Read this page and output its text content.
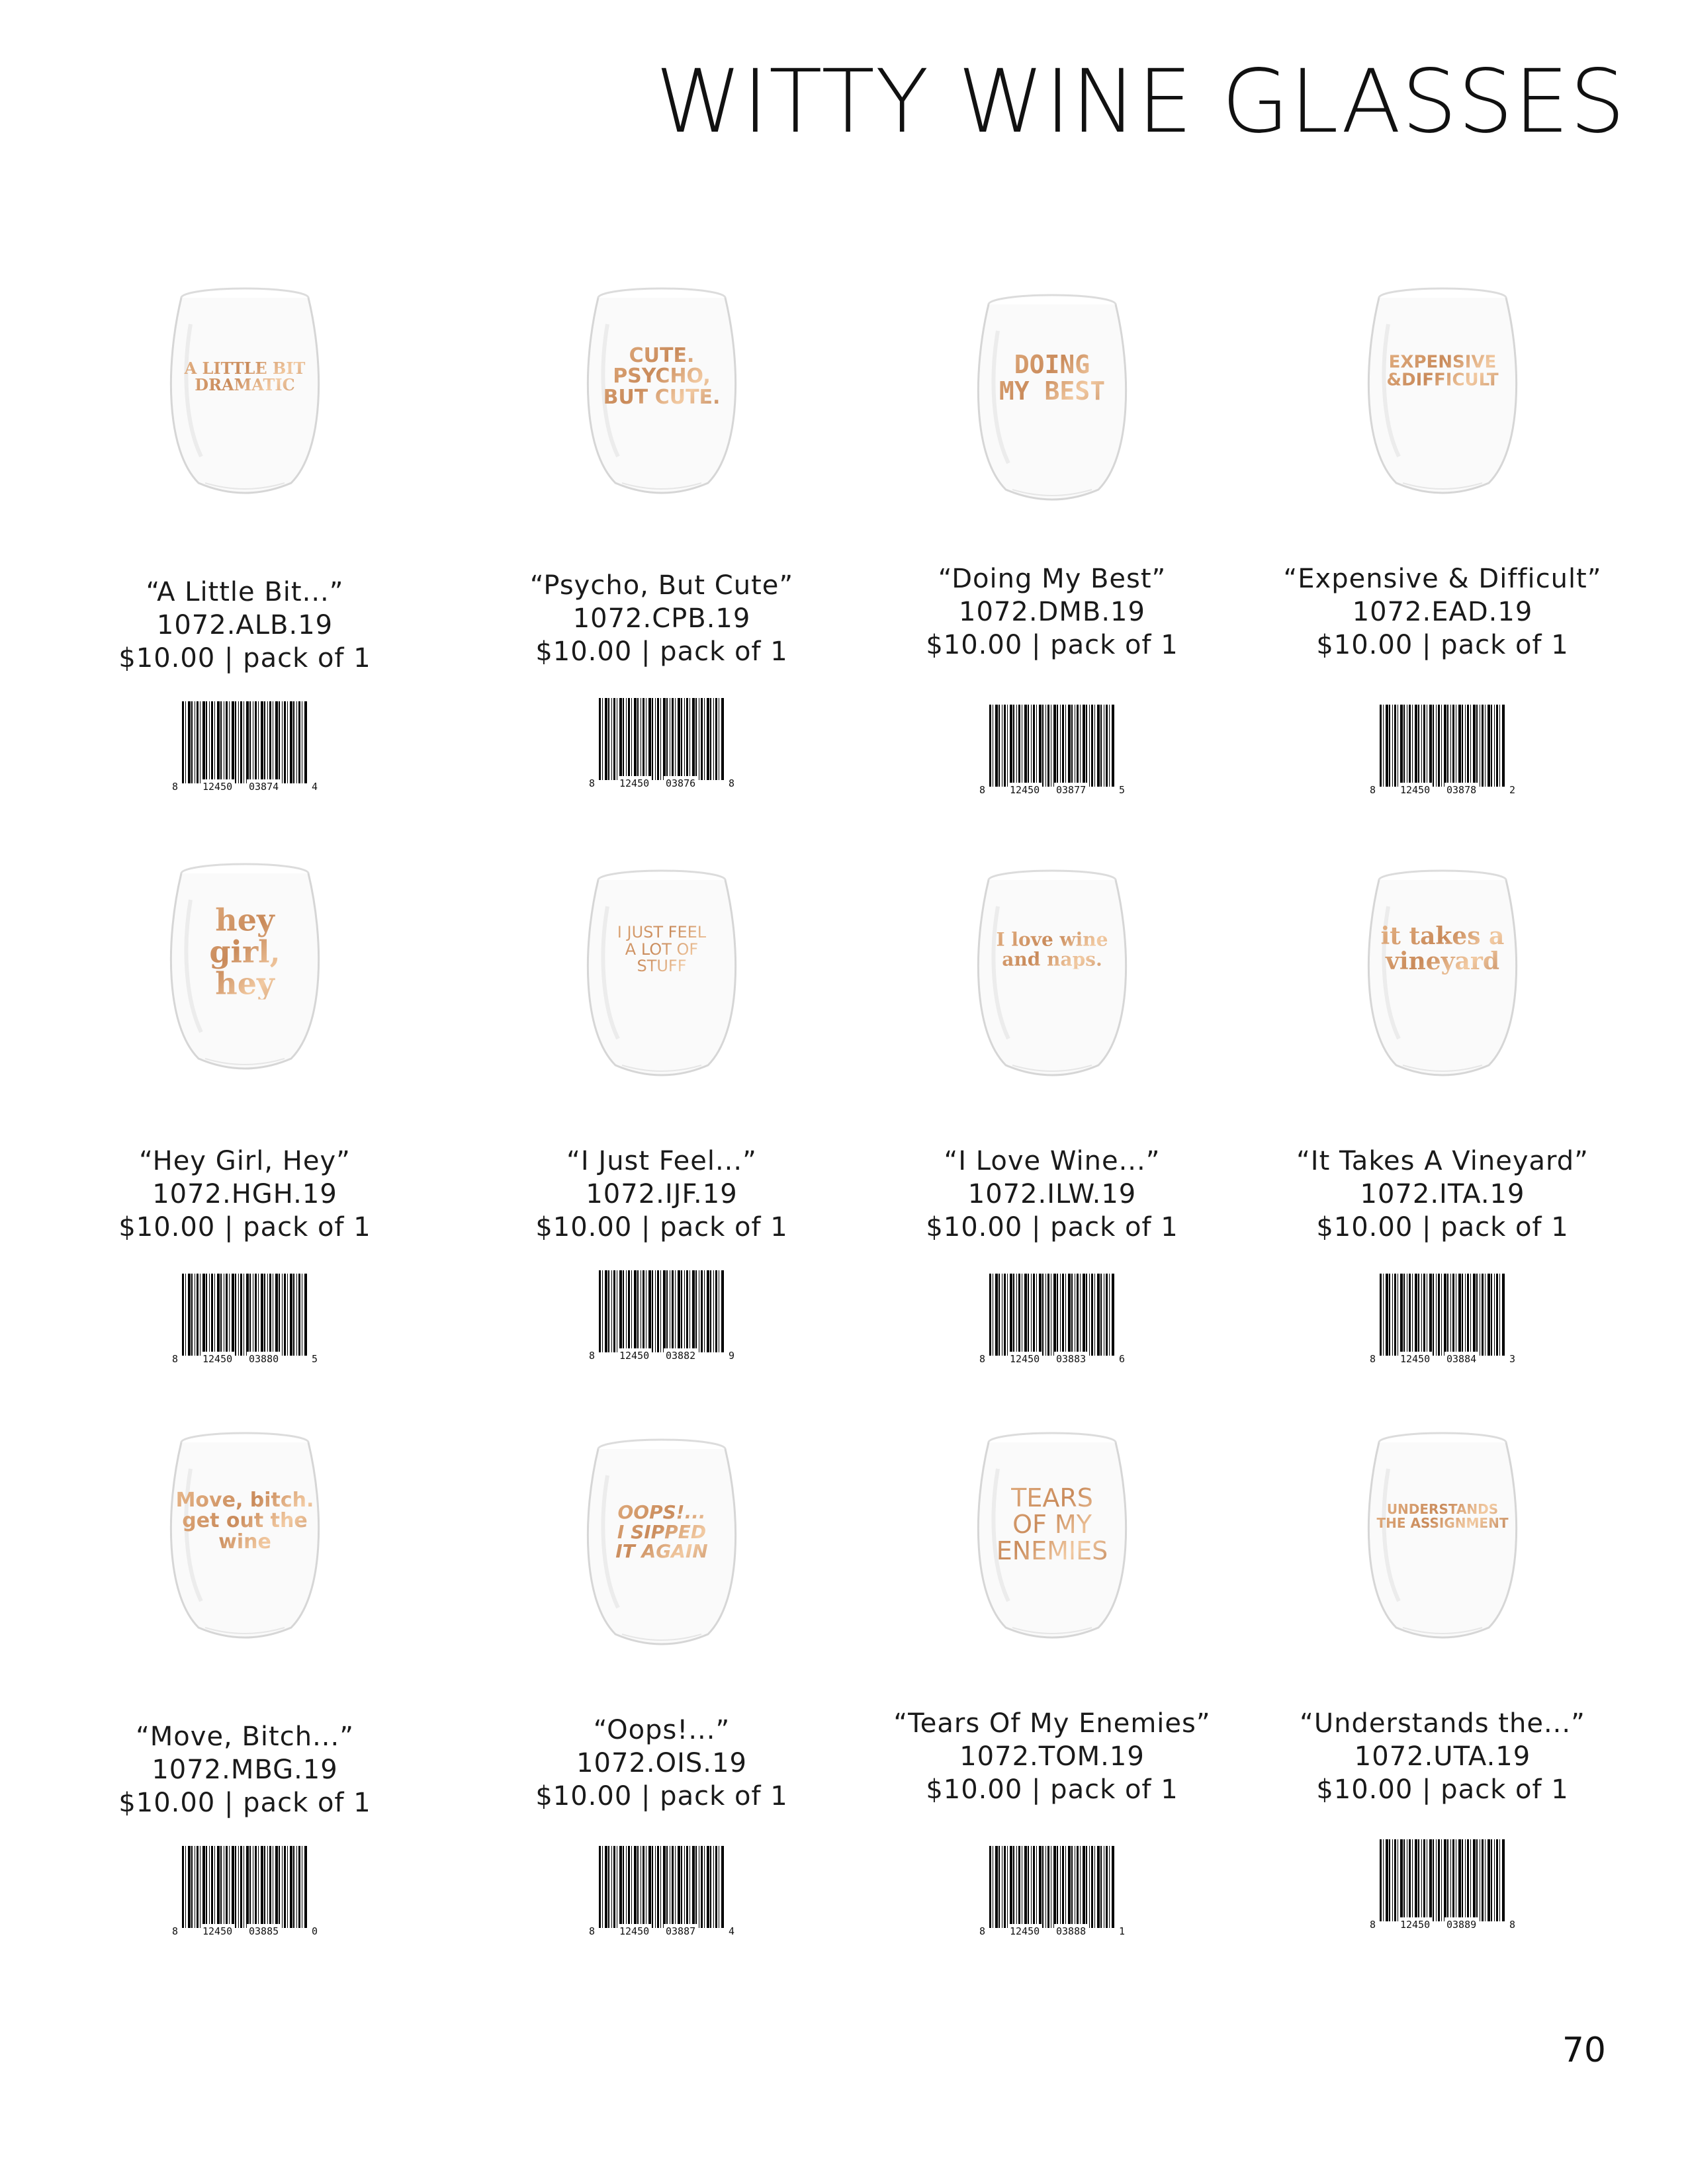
WITTY WINE GLASSES
A LITTLE BIT
DRAMATIC
“A Little Bit...”
1072.ALB.19
$10.00 | pack of 1
8 12450 03874	4
CUTE.
PSYCHO,
BUT CUTE.
“Psycho, But Cute”
1072.CPB.19
$10.00 | pack of 1
8 12450 03876	8
DOING
MY BEST
“Doing My Best”
1072.DMB.19
$10.00 | pack of 1
8 12450 03877	5
EXPENSIVE
&DIFFICULT
“Expensive & Difficult”
1072.EAD.19
$10.00 | pack of 1
8 12450 03878	2
hey
girl,
hey
“Hey Girl, Hey”
1072.HGH.19
$10.00 | pack of 1
8 12450 03880	5
I JUST FEEL
A LOT OF
STUFF
“I Just Feel...”
1072.IJF.19
$10.00 | pack of 1
8 12450 03882	9
I love wine
and naps.
“I Love Wine...”
1072.ILW.19
$10.00 | pack of 1
8 12450 03883	6
it takes a
vineyard
“It Takes A Vineyard”
1072.ITA.19
$10.00 | pack of 1
8 12450 03884	3
Move, bitch.
get out the
wine
“Move, Bitch...”
1072.MBG.19
$10.00 | pack of 1
8 12450 03885	0
OOPS!...
I SIPPED
IT AGAIN
“Oops!...”
1072.OIS.19
$10.00 | pack of 1
8 12450 03887	4
TEARS
OF MY
ENEMIES
“Tears Of My Enemies”
1072.TOM.19
$10.00 | pack of 1
8 12450 03888	1
UNDERSTANDS
THE ASSIGNMENT
“Understands the...”
1072.UTA.19
$10.00 | pack of 1
8 12450 03889	8
70
